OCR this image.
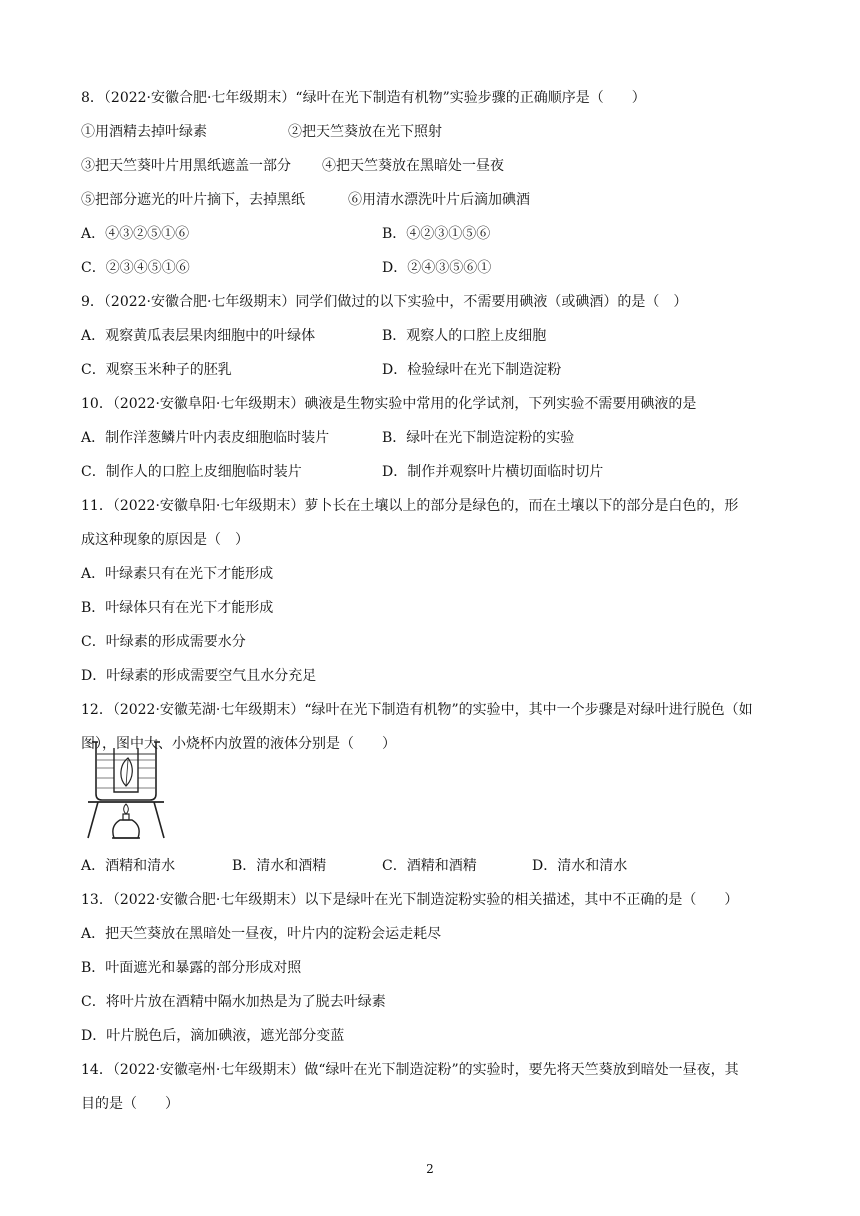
8．（2022·安徽合肥·七年级期末）“绿叶在光下制造有机物”实验步骤的正确顺序是（　　）
①用酒精去掉叶绿素	②把天竺葵放在光下照射
③把天竺葵叶片用黑纸遮盖一部分 ④把天竺葵放在黑暗处一昼夜
⑤把部分遮光的叶片摘下，去掉黑纸	⑥用清水漂洗叶片后滴加碘酒
A．④③②⑤①⑥	B．④②③①⑤⑥
C．②③④⑤①⑥	D．②④③⑤⑥①
9．（2022·安徽合肥·七年级期末）同学们做过的以下实验中，不需要用碘液（或碘酒）的是（　）
A．观察黄瓜表层果肉细胞中的叶绿体	B．观察人的口腔上皮细胞
C．观察玉米种子的胚乳	D．检验绿叶在光下制造淀粉
10．（2022·安徽阜阳·七年级期末）碘液是生物实验中常用的化学试剂，下列实验不需要用碘液的是
A．制作洋葱鳞片叶内表皮细胞临时装片	B．绿叶在光下制造淀粉的实验
C．制作人的口腔上皮细胞临时装片	D．制作并观察叶片横切面临时切片
11．（2022·安徽阜阳·七年级期末）萝卜长在土壤以上的部分是绿色的，而在土壤以下的部分是白色的，形
成这种现象的原因是（　）
A．叶绿素只有在光下才能形成
B．叶绿体只有在光下才能形成
C．叶绿素的形成需要水分
D．叶绿素的形成需要空气且水分充足
12．（2022·安徽芜湖·七年级期末）“绿叶在光下制造有机物”的实验中，其中一个步骤是对绿叶进行脱色（如
图），图中大、小烧杯内放置的液体分别是（　　）
A．酒精和清水	B．清水和酒精	C．酒精和酒精	D．清水和清水
13．（2022·安徽合肥·七年级期末）以下是绿叶在光下制造淀粉实验的相关描述，其中不正确的是（　　）
A．把天竺葵放在黑暗处一昼夜，叶片内的淀粉会运走耗尽
B．叶面遮光和暴露的部分形成对照
C．将叶片放在酒精中隔水加热是为了脱去叶绿素
D．叶片脱色后，滴加碘液，遮光部分变蓝
14．（2022·安徽亳州·七年级期末）做“绿叶在光下制造淀粉”的实验时，要先将天竺葵放到暗处一昼夜，其
目的是（　　）
2
